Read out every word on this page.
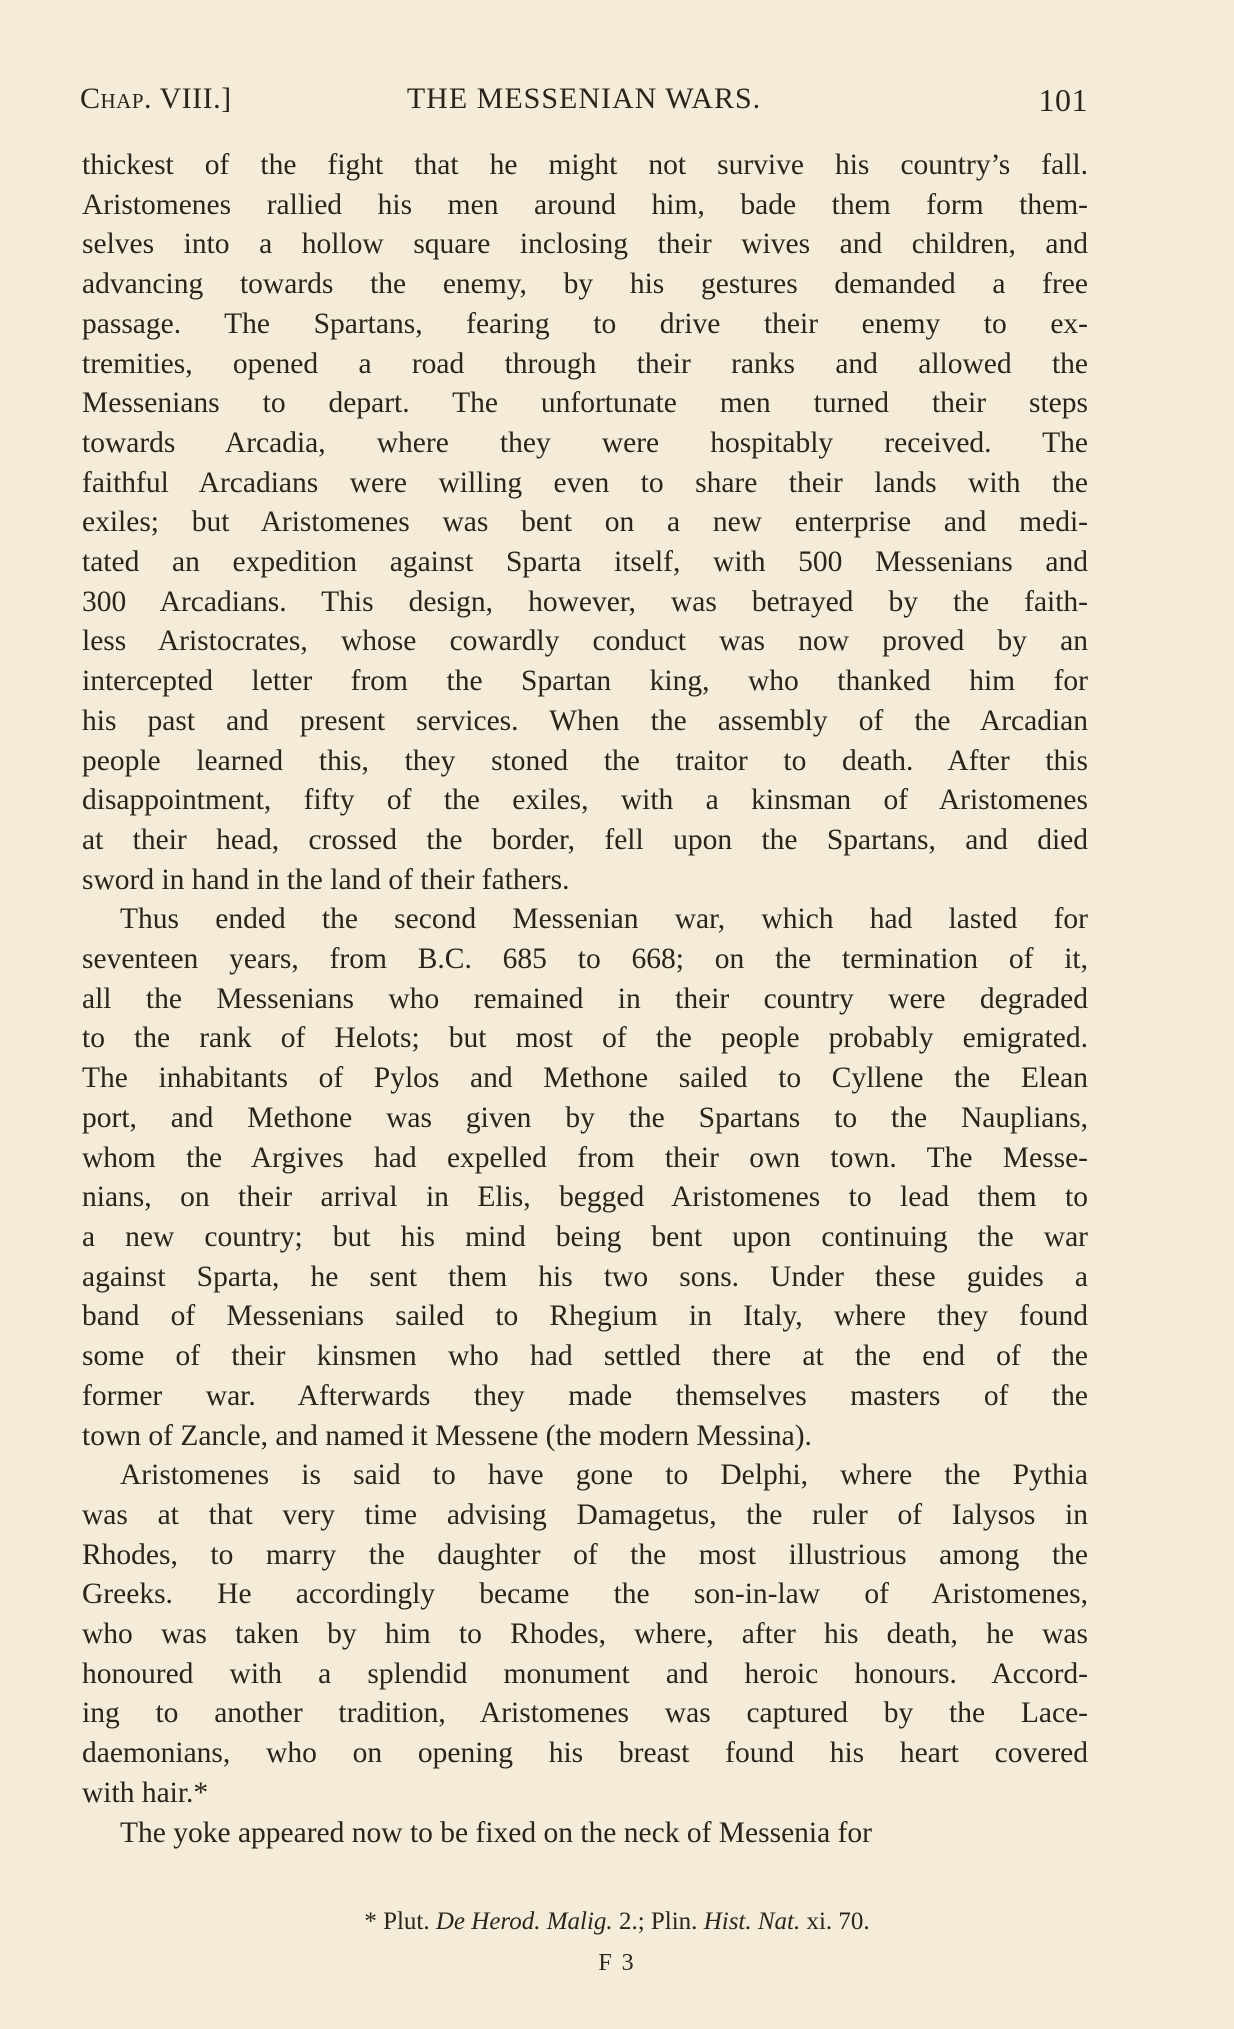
Chap. VIII.]	THE MESSENIAN WARS.	101

thickest of the fight that he might not survive his country’s fall.
Aristomenes rallied his men around him, bade them form them-
selves into a hollow square inclosing their wives and children, and
advancing towards the enemy, by his gestures demanded a free
passage. The Spartans, fearing to drive their enemy to ex-
tremities, opened a road through their ranks and allowed the
Messenians to depart. The unfortunate men turned their steps
towards Arcadia, where they were hospitably received. The
faithful Arcadians were willing even to share their lands with the
exiles; but Aristomenes was bent on a new enterprise and medi-
tated an expedition against Sparta itself, with 500 Messenians and
300 Arcadians. This design, however, was betrayed by the faith-
less Aristocrates, whose cowardly conduct was now proved by an
intercepted letter from the Spartan king, who thanked him for
his past and present services. When the assembly of the Arcadian
people learned this, they stoned the traitor to death. After this
disappointment, fifty of the exiles, with a kinsman of Aristomenes
at their head, crossed the border, fell upon the Spartans, and died
sword in hand in the land of their fathers.

Thus ended the second Messenian war, which had lasted for
seventeen years, from B.C. 685 to 668; on the termination of it,
all the Messenians who remained in their country were degraded
to the rank of Helots; but most of the people probably emigrated.
The inhabitants of Pylos and Methone sailed to Cyllene the Elean
port, and Methone was given by the Spartans to the Nauplians,
whom the Argives had expelled from their own town. The Messe-
nians, on their arrival in Elis, begged Aristomenes to lead them to
a new country; but his mind being bent upon continuing the war
against Sparta, he sent them his two sons. Under these guides a
band of Messenians sailed to Rhegium in Italy, where they found
some of their kinsmen who had settled there at the end of the
former war. Afterwards they made themselves masters of the
town of Zancle, and named it Messene (the modern Messina).

Aristomenes is said to have gone to Delphi, where the Pythia
was at that very time advising Damagetus, the ruler of Ialysos in
Rhodes, to marry the daughter of the most illustrious among the
Greeks. He accordingly became the son-in-law of Aristomenes,
who was taken by him to Rhodes, where, after his death, he was
honoured with a splendid monument and heroic honours. Accord-
ing to another tradition, Aristomenes was captured by the Lace-
daemonians, who on opening his breast found his heart covered
with hair.*

The yoke appeared now to be fixed on the neck of Messenia for

* Plut. De Herod. Malig. 2.; Plin. Hist. Nat. xi. 70.
F 3
